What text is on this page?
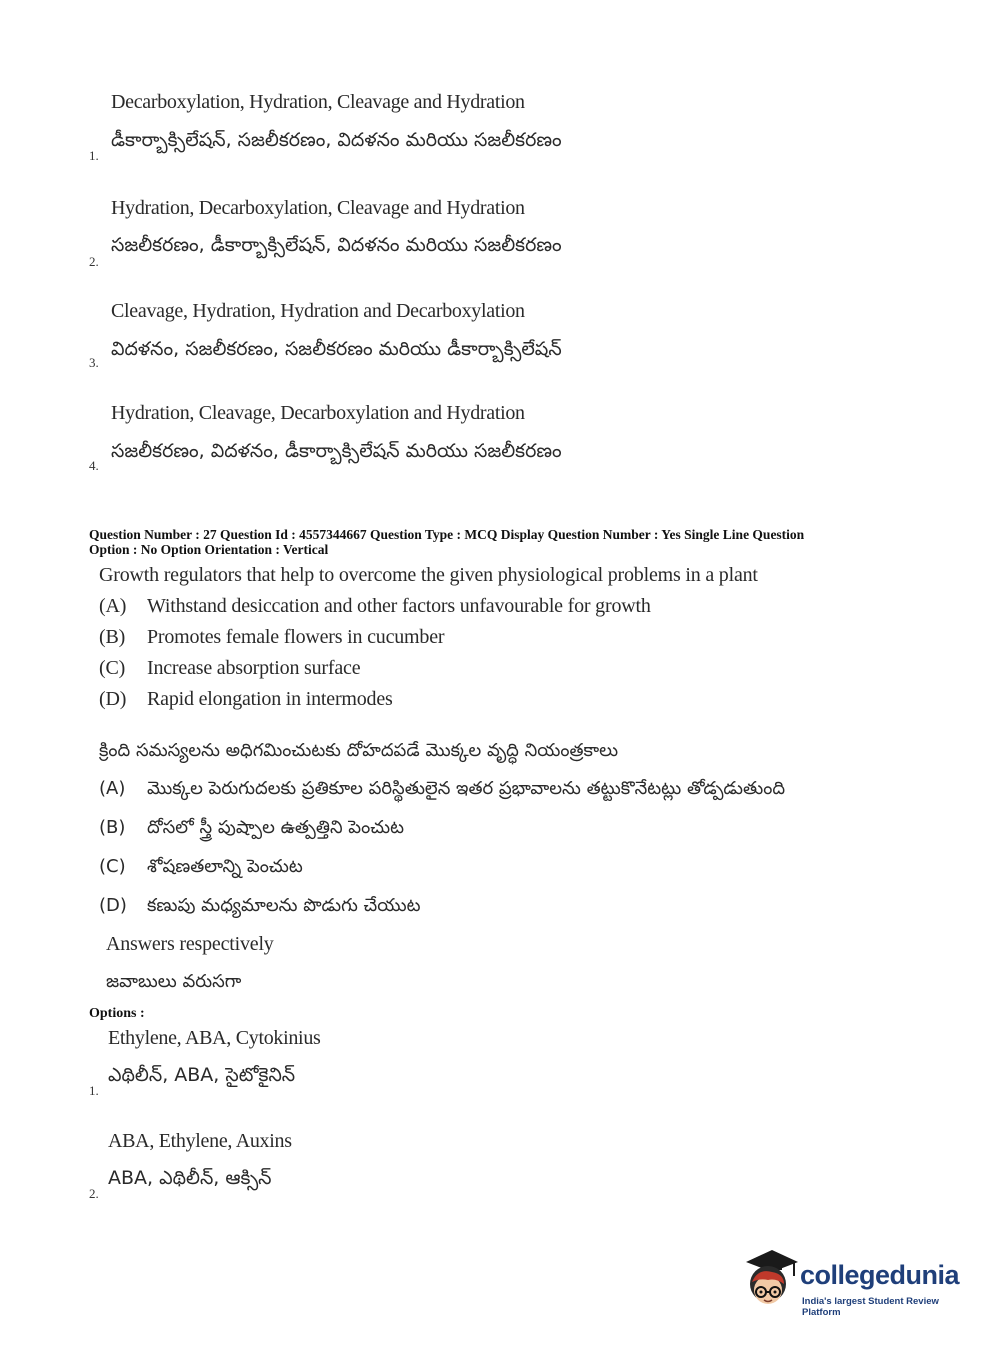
Decarboxylation, Hydration, Cleavage and Hydration
డీకార్బాక్సిలేషన్, సజలీకరణం, విదళనం మరియు సజలీకరణం
1.
Hydration, Decarboxylation, Cleavage and Hydration
సజలీకరణం, డీకార్బాక్సిలేషన్, విదళనం మరియు సజలీకరణం
2.
Cleavage, Hydration, Hydration and Decarboxylation
విదళనం, సజలీకరణం, సజలీకరణం మరియు డీకార్బాక్సిలేషన్
3.
Hydration, Cleavage, Decarboxylation and Hydration
సజలీకరణం, విదళనం, డీకార్బాక్సిలేషన్ మరియు సజలీకరణం
4.
Question Number : 27 Question Id : 4557344667 Question Type : MCQ Display Question Number : Yes Single Line Question
Option : No Option Orientation : Vertical
Growth regulators that help to overcome the given physiological problems in a plant
(A) Withstand desiccation and other factors unfavourable for growth
(B) Promotes female flowers in cucumber
(C) Increase absorption surface
(D) Rapid elongation in intermodes
క్రింది సమస్యలను అధిగమించుటకు దోహదపడే మొక్కల వృద్ధి నియంత్రకాలు
(A) మొక్కల పెరుగుదలకు ప్రతికూల పరిస్థితులైన ఇతర ప్రభావాలను తట్టుకొనేటట్లు తోడ్పడుతుంది
(B) దోసలో స్త్రీ పుష్పాల ఉత్పత్తిని పెంచుట
(C) శోషణతలాన్ని పెంచుట
(D) కణుపు మధ్యమాలను పొడుగు చేయుట
Answers respectively
జవాబులు వరుసగా
Options :
Ethylene, ABA, Cytokinius
ఎథిలీన్, ABA, సైటోకైనిన్
1.
ABA, Ethylene, Auxins
ABA, ఎథిలీన్, ఆక్సిన్
2.
collegedunia
India's largest Student Review Platform
